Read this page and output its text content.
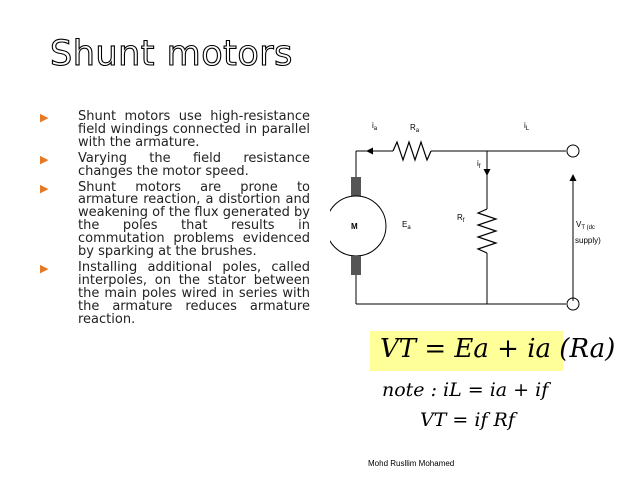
Shunt motors
▶ Shunt motors use high-resistance field windings connected in parallel with the armature.
▶ Varying the field resistance changes the motor speed.
▶ Shunt motors are prone to armature reaction, a distortion and weakening of the flux generated by the poles that results in commutation problems evidenced by sparking at the brushes.
▶ Installing additional poles, called interpoles, on the stator between the main poles wired in series with the armature reduces armature reaction.
$i_a$	$R_a$
$i_L$
$i_f$
$R_f$
$E_a$
M	$V_{T (dc}$
supply)
VT = Ea + ia (Ra)
note : iL = ia + if
VT = if Rf
Mohd Rusllim Mohamed
